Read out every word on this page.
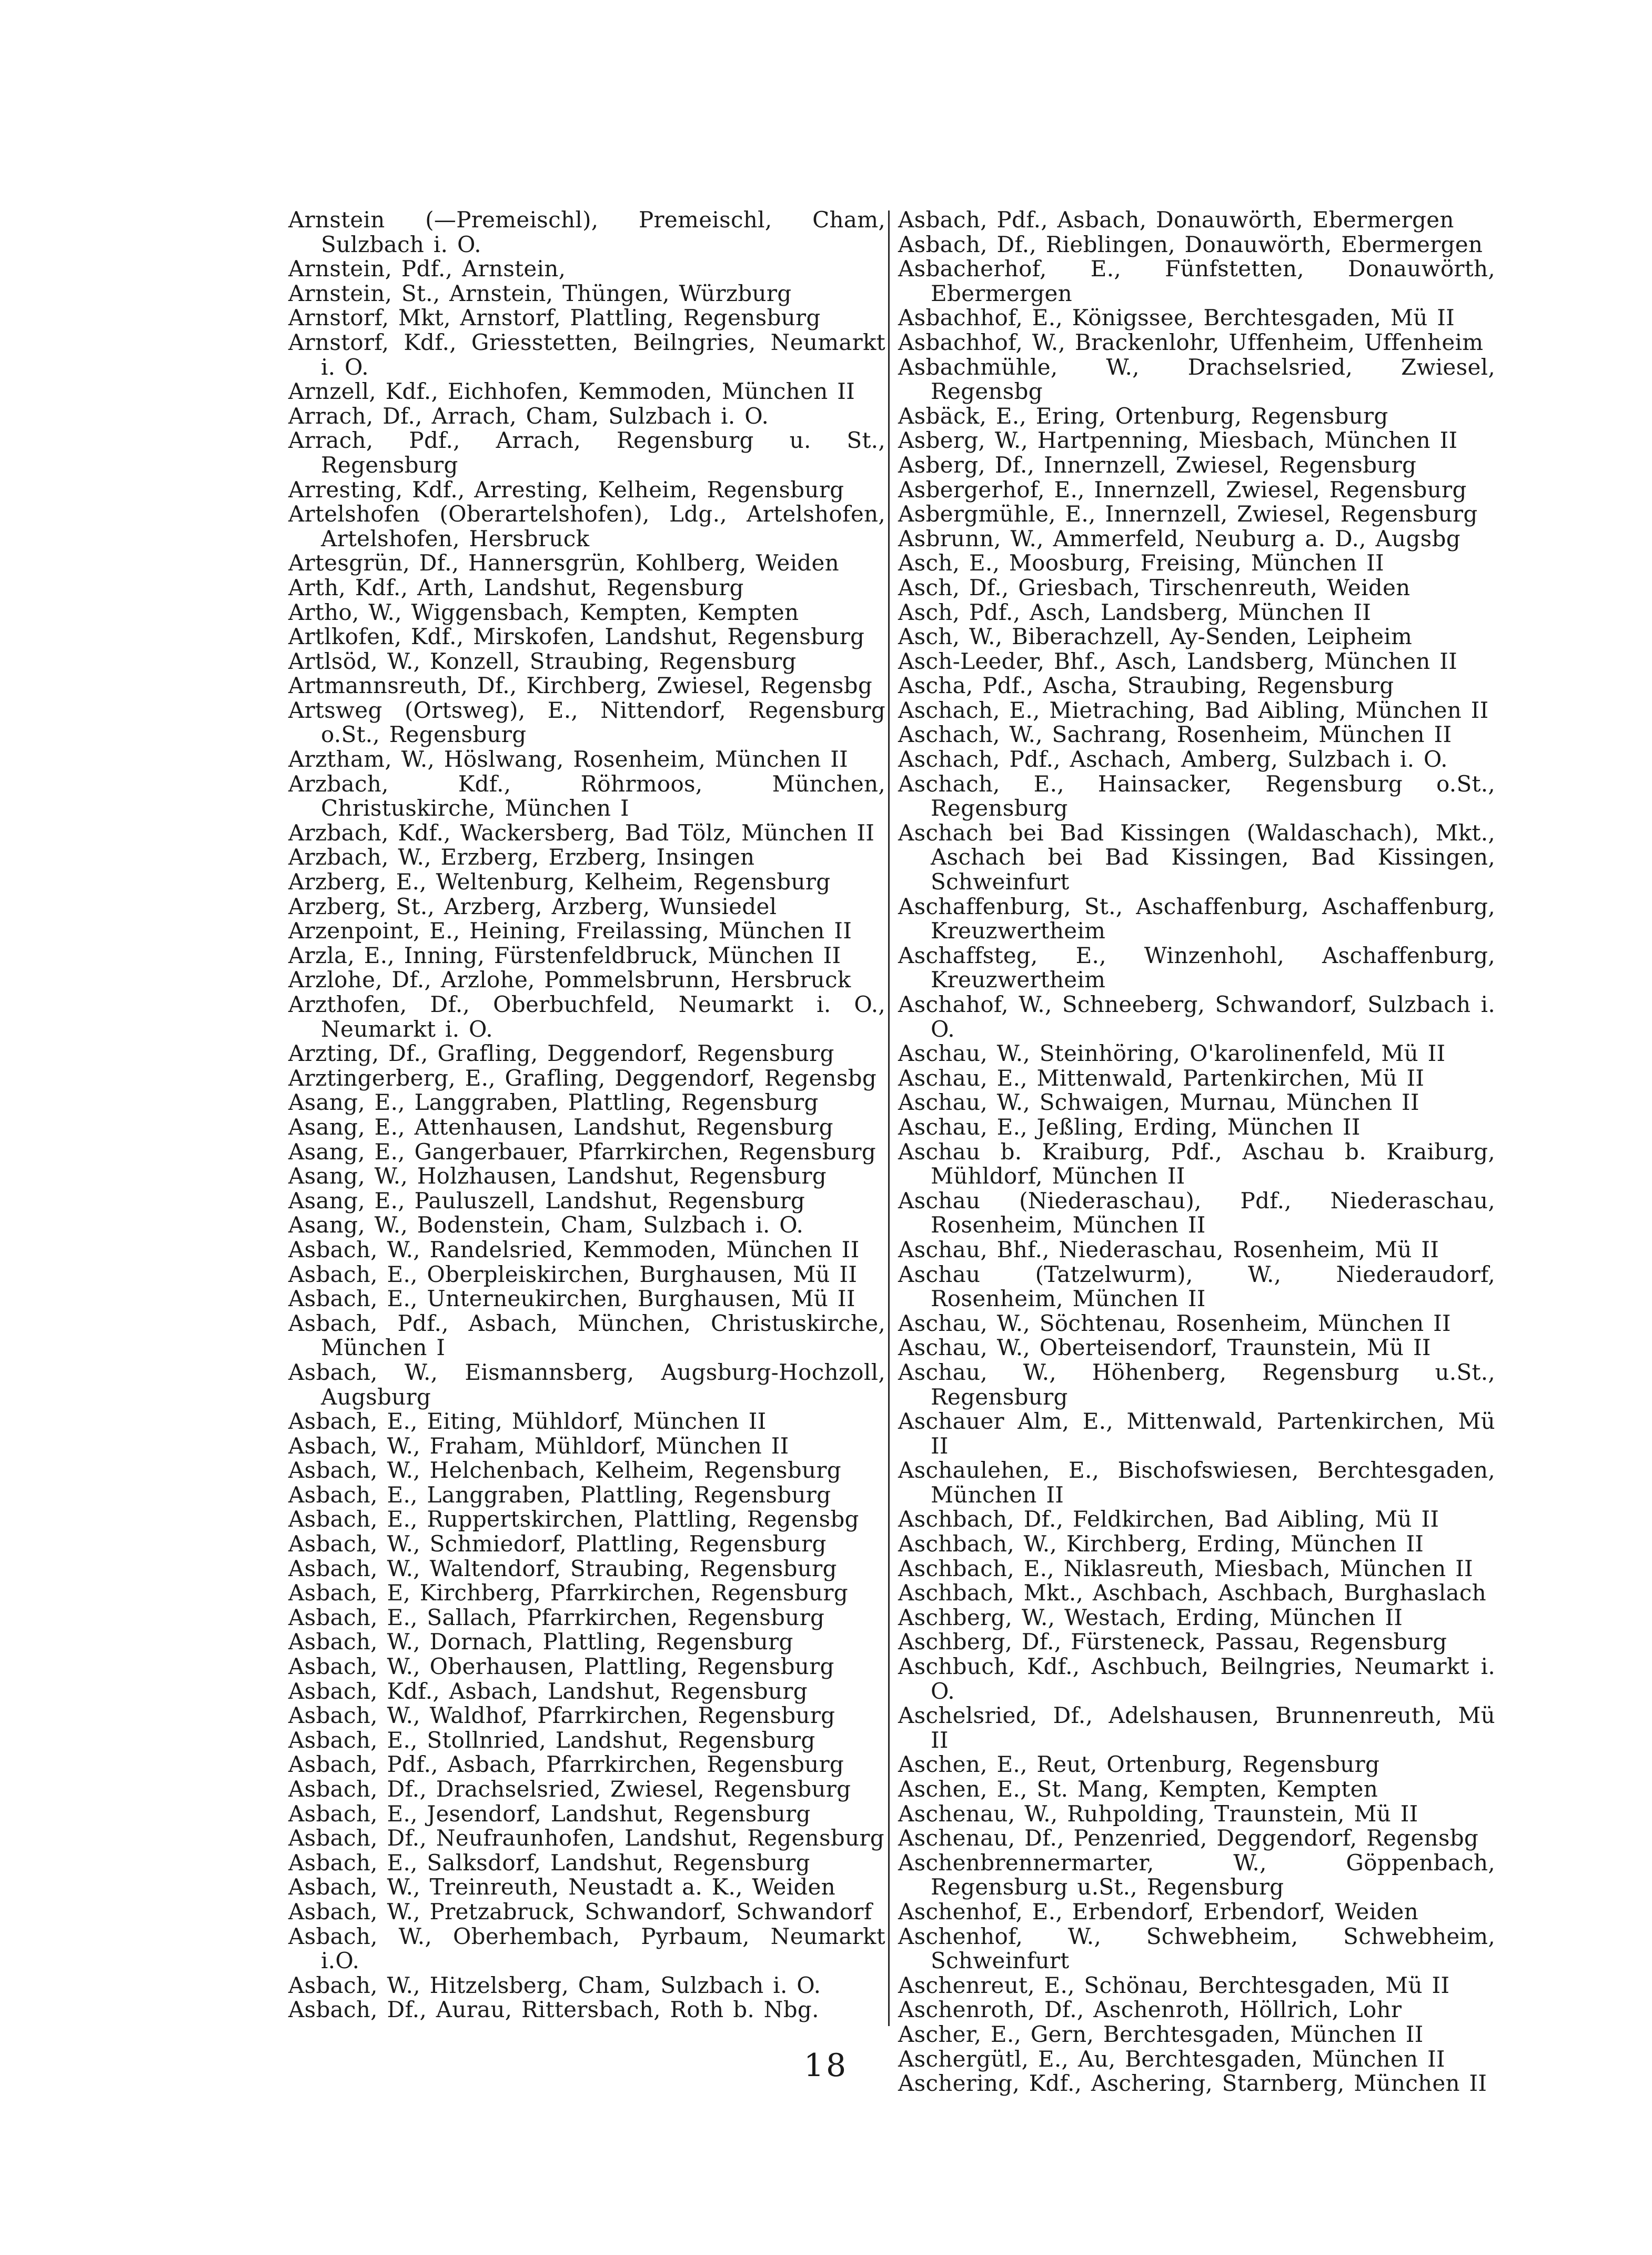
Arnstein (—Premeischl), Premeischl, Cham, Sulzbach i. O.
Arnstein, Pdf., Arnstein,
Arnstein, St., Arnstein, Thüngen, Würzburg
Arnstorf, Mkt, Arnstorf, Plattling, Regensburg
Arnstorf, Kdf., Griesstetten, Beilngries, Neumarkt i. O.
Arnzell, Kdf., Eichhofen, Kemmoden, München II
Arrach, Df., Arrach, Cham, Sulzbach i. O.
Arrach, Pdf., Arrach, Regensburg u. St., Regensburg
Arresting, Kdf., Arresting, Kelheim, Regensburg
Artelshofen (Oberartelshofen), Ldg., Artelshofen, Artelshofen, Hersbruck
Artesgrün, Df., Hannersgrün, Kohlberg, Weiden
Arth, Kdf., Arth, Landshut, Regensburg
Artho, W., Wiggensbach, Kempten, Kempten
Artlkofen, Kdf., Mirskofen, Landshut, Regensburg
Artlsöd, W., Konzell, Straubing, Regensburg
Artmannsreuth, Df., Kirchberg, Zwiesel, Regensbg
Artsweg (Ortsweg), E., Nittendorf, Regensburg o.St., Regensburg
Arztham, W., Höslwang, Rosenheim, München II
Arzbach, Kdf., Röhrmoos, München, Christuskirche, München I
Arzbach, Kdf., Wackersberg, Bad Tölz, München II
Arzbach, W., Erzberg, Erzberg, Insingen
Arzberg, E., Weltenburg, Kelheim, Regensburg
Arzberg, St., Arzberg, Arzberg, Wunsiedel
Arzenpoint, E., Heining, Freilassing, München II
Arzla, E., Inning, Fürstenfeldbruck, München II
Arzlohe, Df., Arzlohe, Pommelsbrunn, Hersbruck
Arzthofen, Df., Oberbuchfeld, Neumarkt i. O., Neumarkt i. O.
Arzting, Df., Grafling, Deggendorf, Regensburg
Arztingerberg, E., Grafling, Deggendorf, Regensbg
Asang, E., Langgraben, Plattling, Regensburg
Asang, E., Attenhausen, Landshut, Regensburg
Asang, E., Gangerbauer, Pfarrkirchen, Regensburg
Asang, W., Holzhausen, Landshut, Regensburg
Asang, E., Pauluszell, Landshut, Regensburg
Asang, W., Bodenstein, Cham, Sulzbach i. O.
Asbach, W., Randelsried, Kemmoden, München II
Asbach, E., Oberpleiskirchen, Burghausen, Mü II
Asbach, E., Unterneukirchen, Burghausen, Mü II
Asbach, Pdf., Asbach, München, Christuskirche, München I
Asbach, W., Eismannsberg, Augsburg-Hochzoll, Augsburg
Asbach, E., Eiting, Mühldorf, München II
Asbach, W., Fraham, Mühldorf, München II
Asbach, W., Helchenbach, Kelheim, Regensburg
Asbach, E., Langgraben, Plattling, Regensburg
Asbach, E., Ruppertskirchen, Plattling, Regensbg
Asbach, W., Schmiedorf, Plattling, Regensburg
Asbach, W., Waltendorf, Straubing, Regensburg
Asbach, E, Kirchberg, Pfarrkirchen, Regensburg
Asbach, E., Sallach, Pfarrkirchen, Regensburg
Asbach, W., Dornach, Plattling, Regensburg
Asbach, W., Oberhausen, Plattling, Regensburg
Asbach, Kdf., Asbach, Landshut, Regensburg
Asbach, W., Waldhof, Pfarrkirchen, Regensburg
Asbach, E., Stollnried, Landshut, Regensburg
Asbach, Pdf., Asbach, Pfarrkirchen, Regensburg
Asbach, Df., Drachselsried, Zwiesel, Regensburg
Asbach, E., Jesendorf, Landshut, Regensburg
Asbach, Df., Neufraunhofen, Landshut, Regensburg
Asbach, E., Salksdorf, Landshut, Regensburg
Asbach, W., Treinreuth, Neustadt a. K., Weiden
Asbach, W., Pretzabruck, Schwandorf, Schwandorf
Asbach, W., Oberhembach, Pyrbaum, Neumarkt i.O.
Asbach, W., Hitzelsberg, Cham, Sulzbach i. O.
Asbach, Df., Aurau, Rittersbach, Roth b. Nbg.
Asbach, Pdf., Asbach, Donauwörth, Ebermergen
Asbach, Df., Rieblingen, Donauwörth, Ebermergen
Asbacherhof, E., Fünfstetten, Donauwörth, Ebermergen
Asbachhof, E., Königssee, Berchtesgaden, Mü II
Asbachhof, W., Brackenlohr, Uffenheim, Uffenheim
Asbachmühle, W., Drachselsried, Zwiesel, Regensbg
Asbäck, E., Ering, Ortenburg, Regensburg
Asberg, W., Hartpenning, Miesbach, München II
Asberg, Df., Innernzell, Zwiesel, Regensburg
Asbergerhof, E., Innernzell, Zwiesel, Regensburg
Asbergmühle, E., Innernzell, Zwiesel, Regensburg
Asbrunn, W., Ammerfeld, Neuburg a. D., Augsbg
Asch, E., Moosburg, Freising, München II
Asch, Df., Griesbach, Tirschenreuth, Weiden
Asch, Pdf., Asch, Landsberg, München II
Asch, W., Biberachzell, Ay-Senden, Leipheim
Asch-Leeder, Bhf., Asch, Landsberg, München II
Ascha, Pdf., Ascha, Straubing, Regensburg
Aschach, E., Mietraching, Bad Aibling, München II
Aschach, W., Sachrang, Rosenheim, München II
Aschach, Pdf., Aschach, Amberg, Sulzbach i. O.
Aschach, E., Hainsacker, Regensburg o.St., Regensburg
Aschach bei Bad Kissingen (Waldaschach), Mkt., Aschach bei Bad Kissingen, Bad Kissingen, Schweinfurt
Aschaffenburg, St., Aschaffenburg, Aschaffenburg, Kreuzwertheim
Aschaffsteg, E., Winzenhohl, Aschaffenburg, Kreuzwertheim
Aschahof, W., Schneeberg, Schwandorf, Sulzbach i. O.
Aschau, W., Steinhöring, O'karolinenfeld, Mü II
Aschau, E., Mittenwald, Partenkirchen, Mü II
Aschau, W., Schwaigen, Murnau, München II
Aschau, E., Jeßling, Erding, München II
Aschau b. Kraiburg, Pdf., Aschau b. Kraiburg, Mühldorf, München II
Aschau (Niederaschau), Pdf., Niederaschau, Rosenheim, München II
Aschau, Bhf., Niederaschau, Rosenheim, Mü II
Aschau (Tatzelwurm), W., Niederaudorf, Rosenheim, München II
Aschau, W., Söchtenau, Rosenheim, München II
Aschau, W., Oberteisendorf, Traunstein, Mü II
Aschau, W., Höhenberg, Regensburg u.St., Regensburg
Aschauer Alm, E., Mittenwald, Partenkirchen, Mü II
Aschaulehen, E., Bischofswiesen, Berchtesgaden, München II
Aschbach, Df., Feldkirchen, Bad Aibling, Mü II
Aschbach, W., Kirchberg, Erding, München II
Aschbach, E., Niklasreuth, Miesbach, München II
Aschbach, Mkt., Aschbach, Aschbach, Burghaslach
Aschberg, W., Westach, Erding, München II
Aschberg, Df., Fürsteneck, Passau, Regensburg
Aschbuch, Kdf., Aschbuch, Beilngries, Neumarkt i. O.
Aschelsried, Df., Adelshausen, Brunnenreuth, Mü II
Aschen, E., Reut, Ortenburg, Regensburg
Aschen, E., St. Mang, Kempten, Kempten
Aschenau, W., Ruhpolding, Traunstein, Mü II
Aschenau, Df., Penzenried, Deggendorf, Regensbg
Aschenbrennermarter, W., Göppenbach, Regensburg u.St., Regensburg
Aschenhof, E., Erbendorf, Erbendorf, Weiden
Aschenhof, W., Schwebheim, Schwebheim, Schweinfurt
Aschenreut, E., Schönau, Berchtesgaden, Mü II
Aschenroth, Df., Aschenroth, Höllrich, Lohr
Ascher, E., Gern, Berchtesgaden, München II
Aschergütl, E., Au, Berchtesgaden, München II
Aschering, Kdf., Aschering, Starnberg, München II
18
